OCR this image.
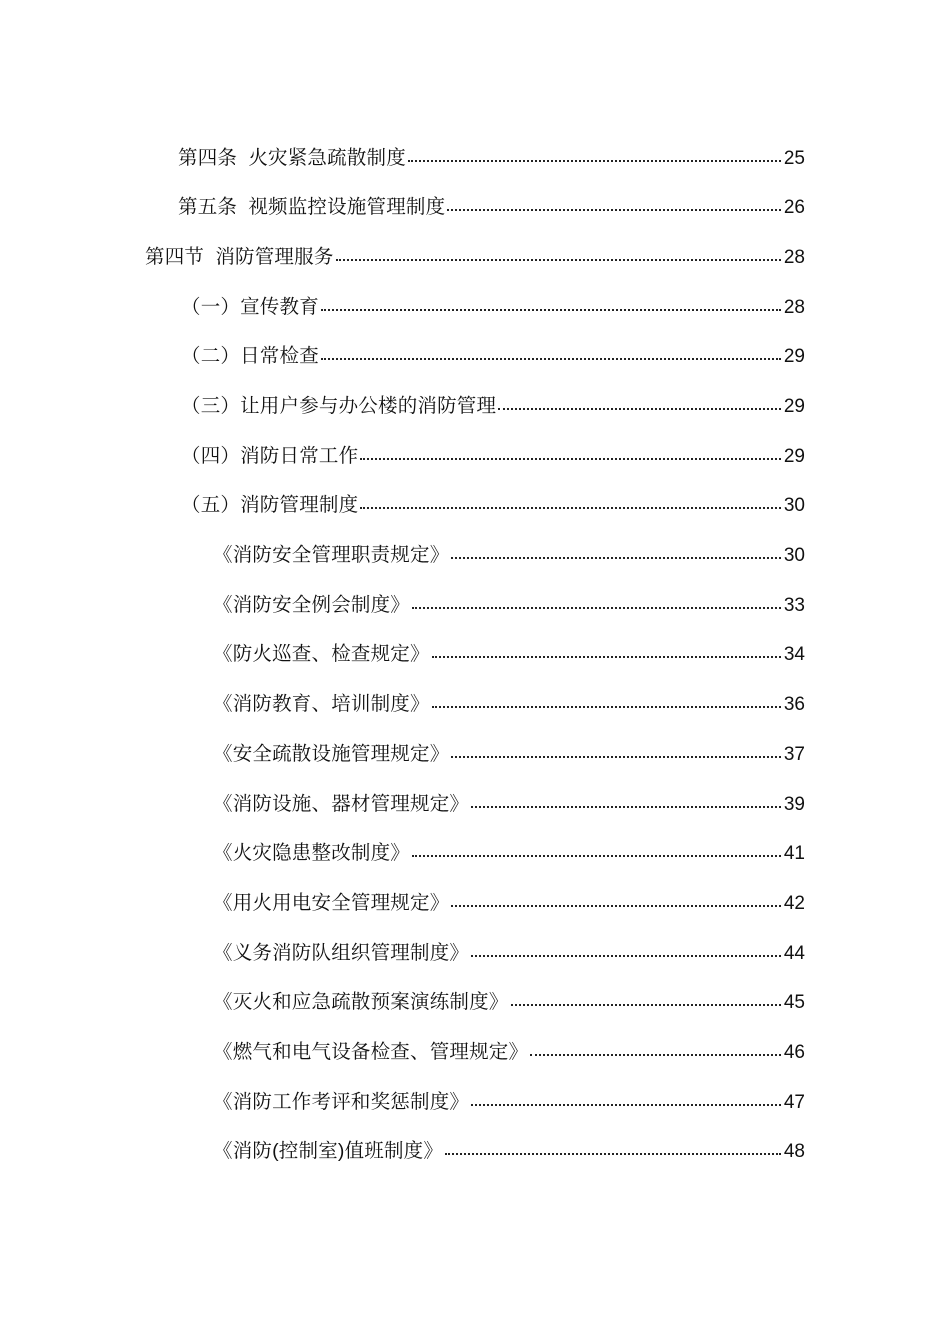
第四条  火灾紧急疏散制度	25
第五条  视频监控设施管理制度	26
第四节  消防管理服务	28
（一）宣传教育	28
（二）日常检查	29
（三）让用户参与办公楼的消防管理	29
（四）消防日常工作	29
（五）消防管理制度	30
《消防安全管理职责规定》	30
《消防安全例会制度》	33
《防火巡查、检查规定》	34
《消防教育、培训制度》	36
《安全疏散设施管理规定》	37
《消防设施、器材管理规定》	39
《火灾隐患整改制度》	41
《用火用电安全管理规定》	42
《义务消防队组织管理制度》	44
《灭火和应急疏散预案演练制度》	45
《燃气和电气设备检查、管理规定》	46
《消防工作考评和奖惩制度》	47
《消防(控制室)值班制度》	48
